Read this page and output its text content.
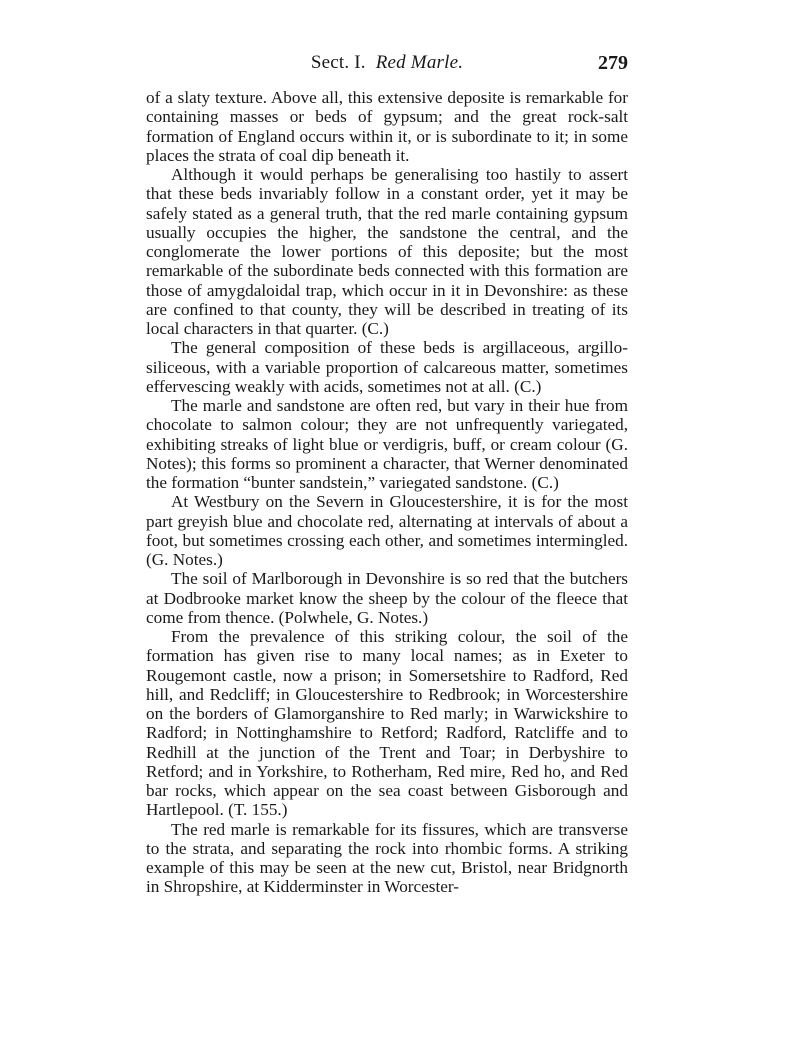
Sect. I. Red Marle.	279

of a slaty texture. Above all, this extensive deposite is remarkable for containing masses or beds of gypsum; and the great rock-salt formation of England occurs within it, or is subordinate to it; in some places the strata of coal dip beneath it.

Although it would perhaps be generalising too hastily to assert that these beds invariably follow in a constant order, yet it may be safely stated as a general truth, that the red marle containing gypsum usually occupies the higher, the sandstone the central, and the conglomerate the lower portions of this deposite; but the most remarkable of the subordinate beds connected with this formation are those of amygdaloidal trap, which occur in it in Devonshire: as these are confined to that county, they will be described in treating of its local characters in that quarter. (C.)

The general composition of these beds is argillaceous, argillo-siliceous, with a variable proportion of calcareous matter, sometimes effervescing weakly with acids, sometimes not at all. (C.)

The marle and sandstone are often red, but vary in their hue from chocolate to salmon colour; they are not unfrequently variegated, exhibiting streaks of light blue or verdigris, buff, or cream colour (G. Notes); this forms so prominent a character, that Werner denominated the formation “bunter sandstein,” variegated sandstone. (C.)

At Westbury on the Severn in Gloucestershire, it is for the most part greyish blue and chocolate red, alternating at intervals of about a foot, but sometimes crossing each other, and sometimes intermingled. (G. Notes.)

The soil of Marlborough in Devonshire is so red that the butchers at Dodbrooke market know the sheep by the colour of the fleece that come from thence. (Polwhele, G. Notes.)

From the prevalence of this striking colour, the soil of the formation has given rise to many local names; as in Exeter to Rougemont castle, now a prison; in Somersetshire to Radford, Red hill, and Redcliff; in Gloucestershire to Redbrook; in Worcestershire on the borders of Glamorganshire to Red marly; in Warwickshire to Radford; in Nottinghamshire to Retford; Radford, Ratcliffe and to Redhill at the junction of the Trent and Toar; in Derbyshire to Retford; and in Yorkshire, to Rotherham, Red mire, Red ho, and Red bar rocks, which appear on the sea coast between Gisborough and Hartlepool. (T. 155.)

The red marle is remarkable for its fissures, which are transverse to the strata, and separating the rock into rhombic forms. A striking example of this may be seen at the new cut, Bristol, near Bridgnorth in Shropshire, at Kidderminster in Worcester-
